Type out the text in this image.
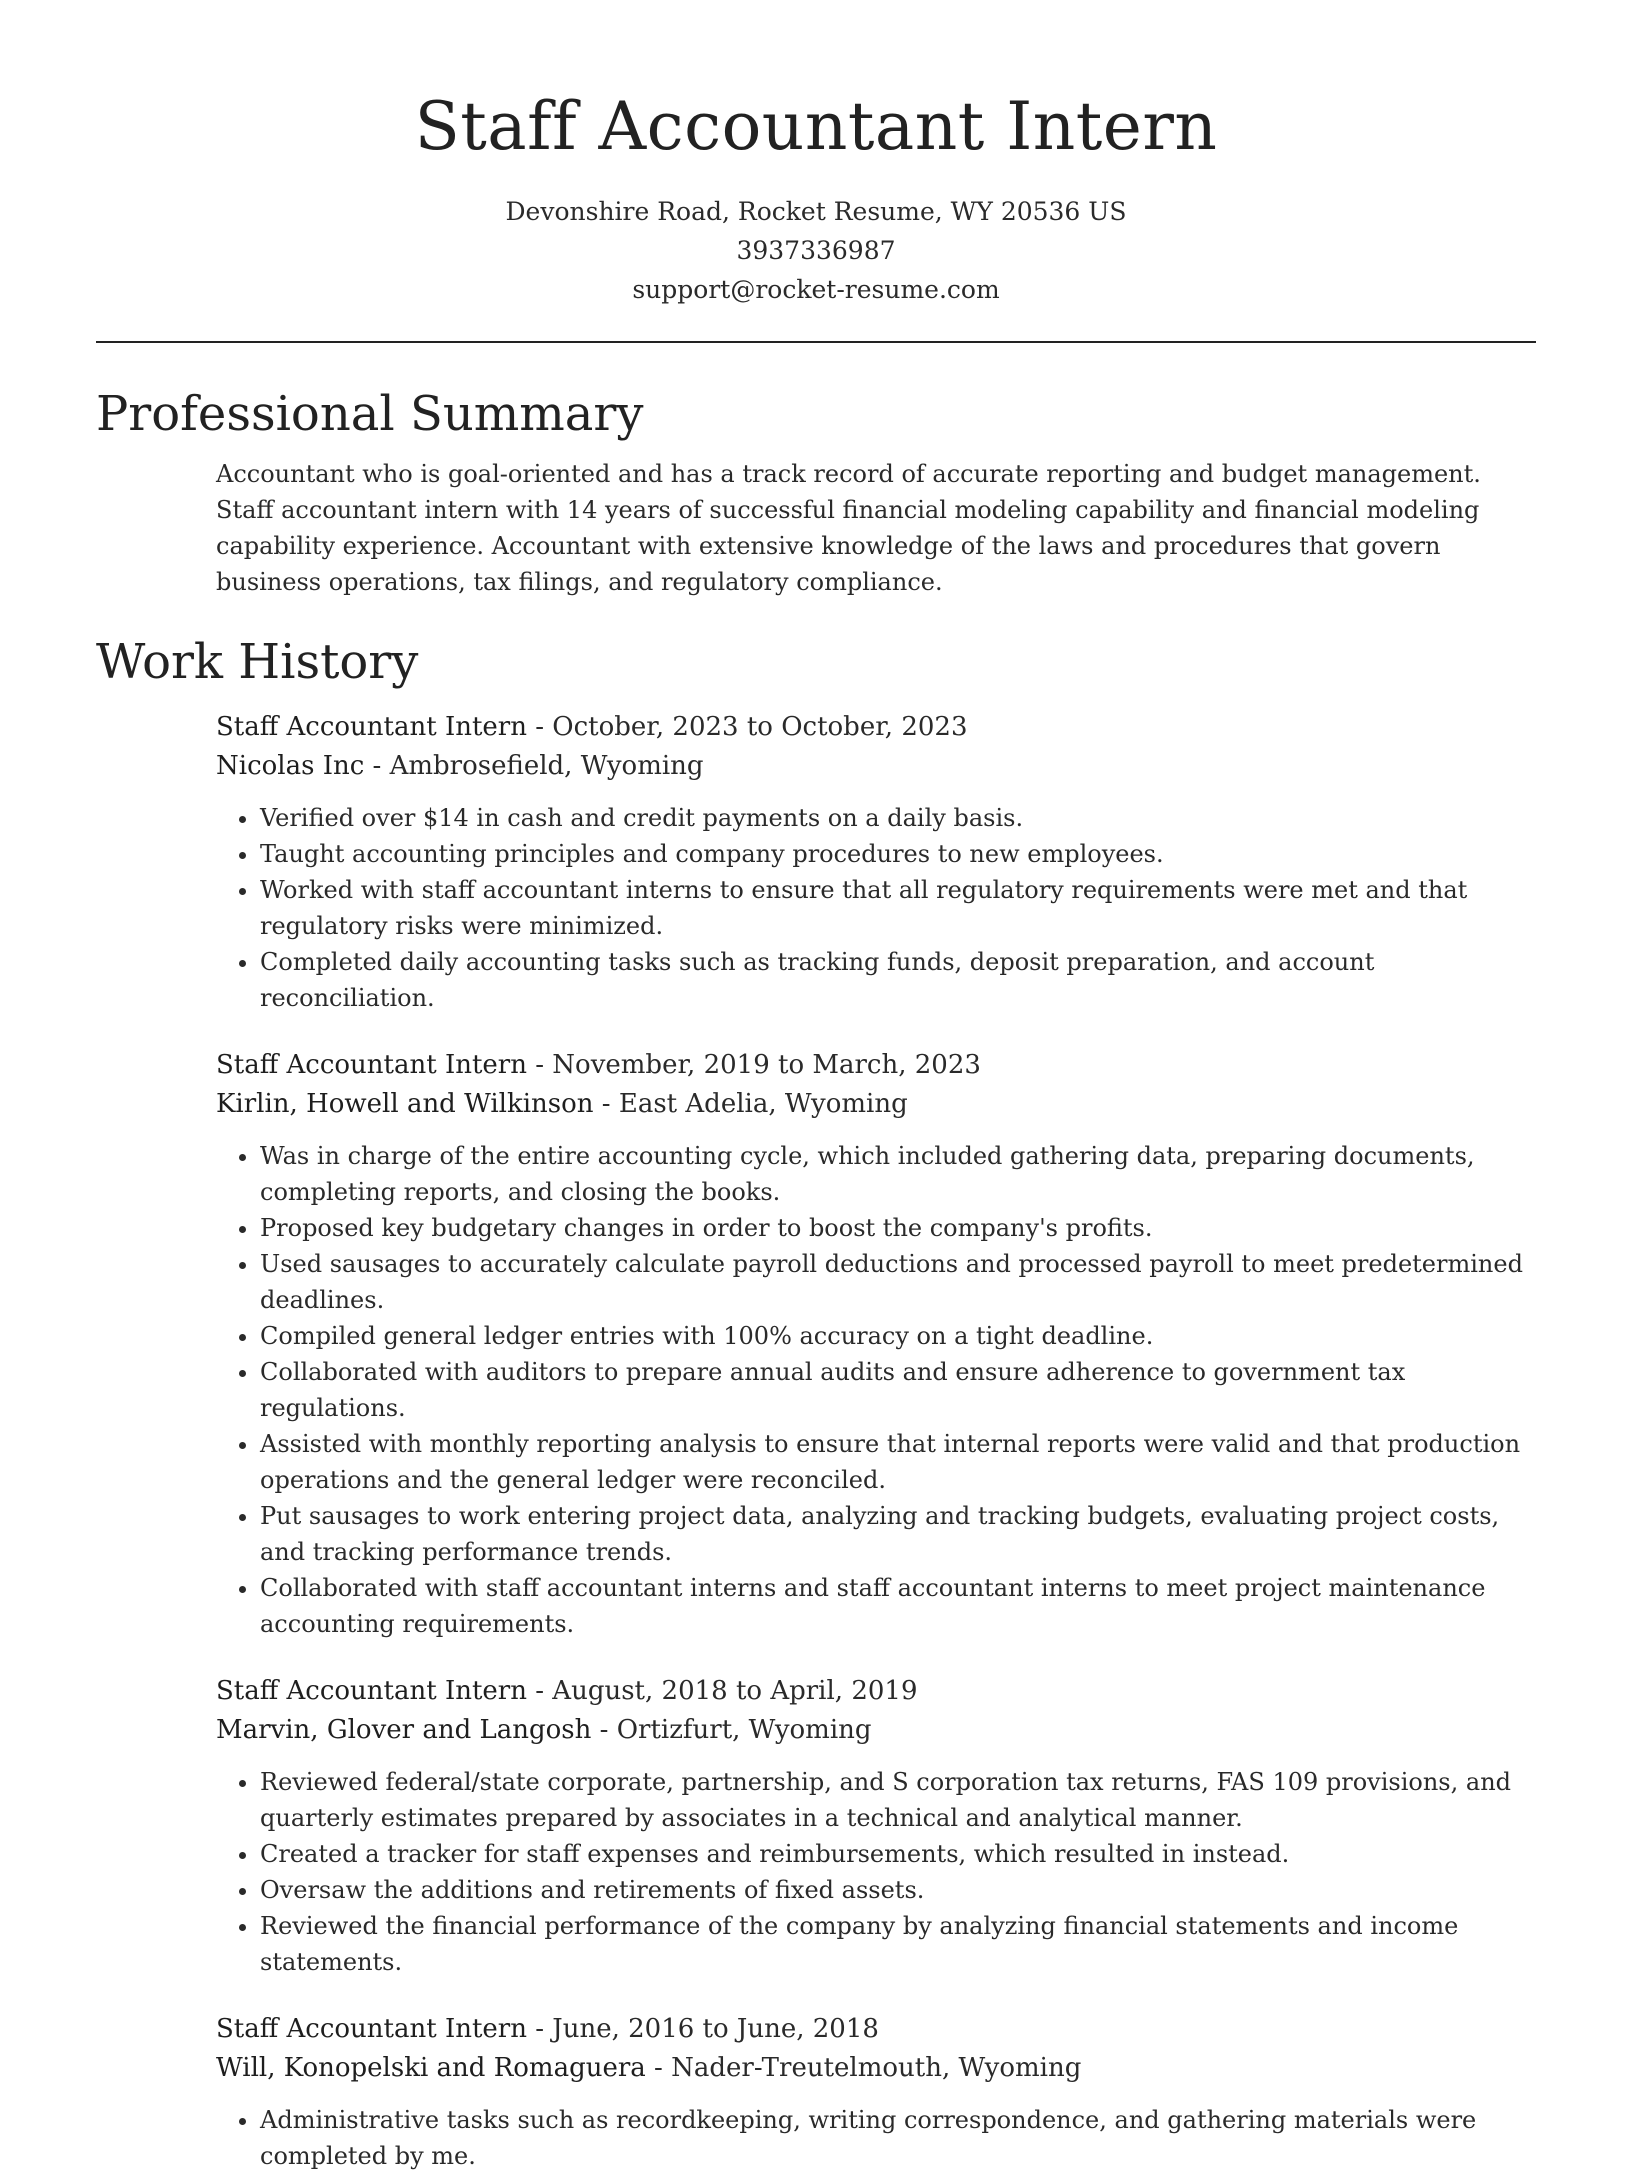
Staff Accountant Intern
Devonshire Road, Rocket Resume, WY 20536 US
3937336987
support@rocket-resume.com
Professional Summary
Accountant who is goal-oriented and has a track record of accurate reporting and budget management. Staff accountant intern with 14 years of successful financial modeling capability and financial modeling capability experience. Accountant with extensive knowledge of the laws and procedures that govern business operations, tax filings, and regulatory compliance.
Work History
Staff Accountant Intern - October, 2023 to October, 2023
Nicolas Inc - Ambrosefield, Wyoming
• Verified over $14 in cash and credit payments on a daily basis.
• Taught accounting principles and company procedures to new employees.
• Worked with staff accountant interns to ensure that all regulatory requirements were met and that regulatory risks were minimized.
• Completed daily accounting tasks such as tracking funds, deposit preparation, and account reconciliation.
Staff Accountant Intern - November, 2019 to March, 2023
Kirlin, Howell and Wilkinson - East Adelia, Wyoming
• Was in charge of the entire accounting cycle, which included gathering data, preparing documents, completing reports, and closing the books.
• Proposed key budgetary changes in order to boost the company's profits.
• Used sausages to accurately calculate payroll deductions and processed payroll to meet predetermined deadlines.
• Compiled general ledger entries with 100% accuracy on a tight deadline.
• Collaborated with auditors to prepare annual audits and ensure adherence to government tax regulations.
• Assisted with monthly reporting analysis to ensure that internal reports were valid and that production operations and the general ledger were reconciled.
• Put sausages to work entering project data, analyzing and tracking budgets, evaluating project costs, and tracking performance trends.
• Collaborated with staff accountant interns and staff accountant interns to meet project maintenance accounting requirements.
Staff Accountant Intern - August, 2018 to April, 2019
Marvin, Glover and Langosh - Ortizfurt, Wyoming
• Reviewed federal/state corporate, partnership, and S corporation tax returns, FAS 109 provisions, and quarterly estimates prepared by associates in a technical and analytical manner.
• Created a tracker for staff expenses and reimbursements, which resulted in instead.
• Oversaw the additions and retirements of fixed assets.
• Reviewed the financial performance of the company by analyzing financial statements and income statements.
Staff Accountant Intern - June, 2016 to June, 2018
Will, Konopelski and Romaguera - Nader-Treutelmouth, Wyoming
• Administrative tasks such as recordkeeping, writing correspondence, and gathering materials were completed by me.
